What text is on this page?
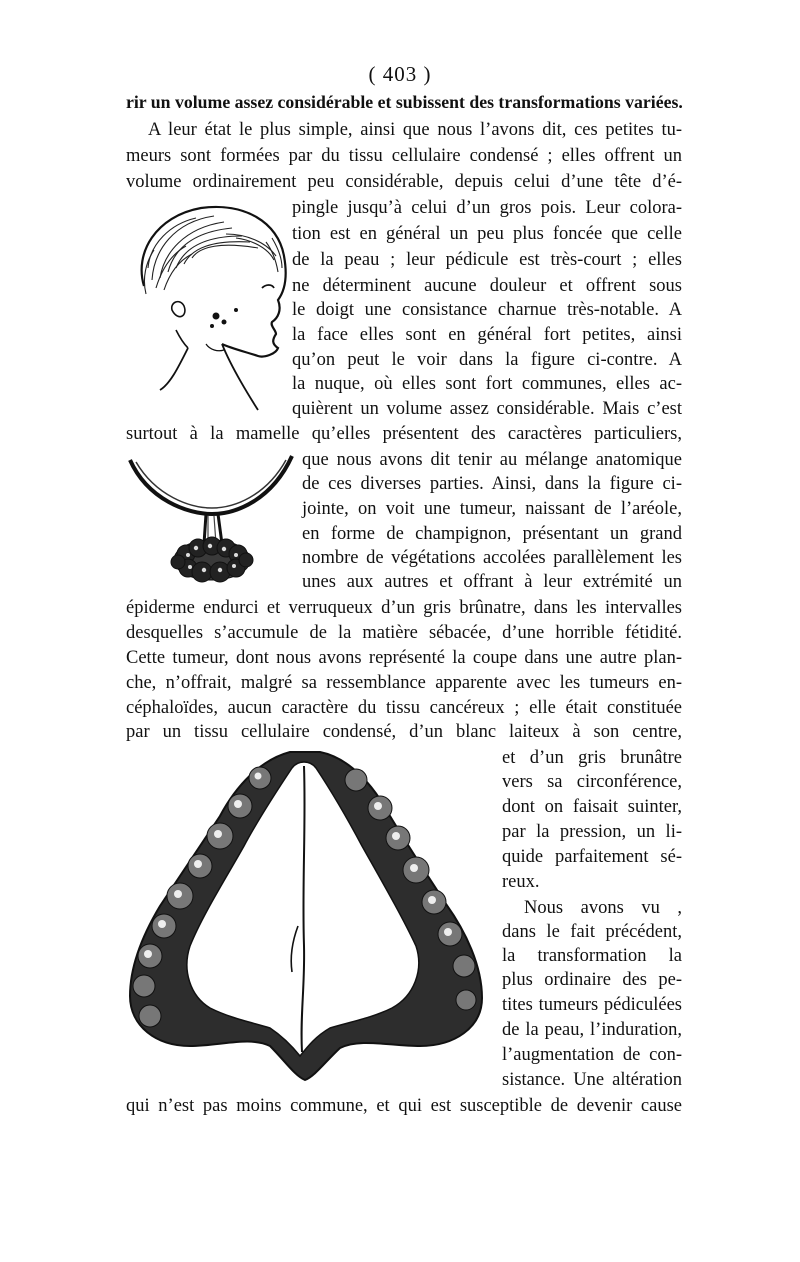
( 403 )
rir un volume assez considérable et subissent des transformations variées.
A leur état le plus simple, ainsi que nous l’avons dit, ces petites tu-
meurs sont formées par du tissu cellulaire condensé ; elles offrent un
volume ordinairement peu considérable, depuis celui d’une tête d’é-
pingle jusqu’à celui d’un gros pois. Leur colora-
tion est en général un peu plus foncée que celle
de la peau ; leur pédicule est très-court ; elles
ne déterminent aucune douleur et offrent sous
le doigt une consistance charnue très-notable. A
la face elles sont en général fort petites, ainsi
qu’on peut le voir dans la figure ci-contre. A
la nuque, où elles sont fort communes, elles ac-
quièrent un volume assez considérable. Mais c’est
surtout à la mamelle qu’elles présentent des caractères particuliers,
que nous avons dit tenir au mélange anatomique
de ces diverses parties. Ainsi, dans la figure ci-
jointe, on voit une tumeur, naissant de l’aréole,
en forme de champignon, présentant un grand
nombre de végétations accolées parallèlement les
unes aux autres et offrant à leur extrémité un
épiderme endurci et verruqueux d’un gris brûnatre, dans les intervalles
desquelles s’accumule de la matière sébacée, d’une horrible fétidité.
Cette tumeur, dont nous avons représenté la coupe dans une autre plan-
che, n’offrait, malgré sa ressemblance apparente avec les tumeurs en-
céphaloïdes, aucun caractère du tissu cancéreux ; elle était constituée
par un tissu cellulaire condensé, d’un blanc laiteux à son centre,
et d’un gris brunâtre
vers sa circonférence,
dont on faisait suinter,
par la pression, un li-
quide parfaitement sé-
reux.
Nous avons vu ,
dans le fait précédent,
la transformation la
plus ordinaire des pe-
tites tumeurs pédiculées
de la peau, l’induration,
l’augmentation de con-
sistance. Une altération
qui n’est pas moins commune, et qui est susceptible de devenir cause
